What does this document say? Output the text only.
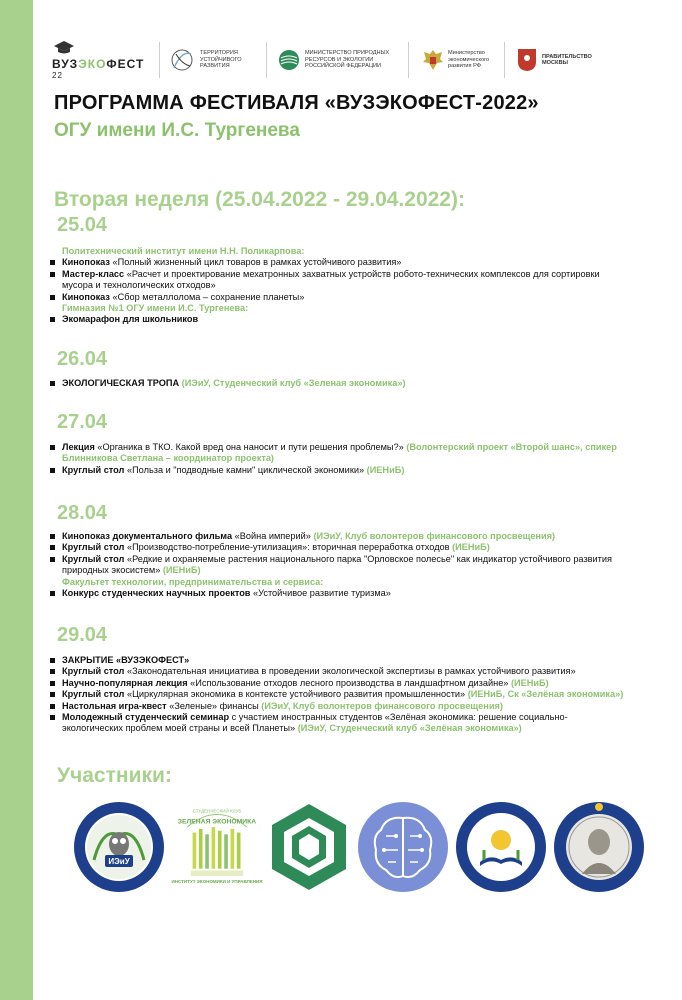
ВУЗЭКОФЕСТ $^{22}$
ТЕРРИТОРИЯ
УСТОЙЧИВОГО
РАЗВИТИЯ
МИНИСТЕРСТВО ПРИРОДНЫХ
РЕСУРСОВ И ЭКОЛОГИИ
РОССИЙСКОЙ ФЕДЕРАЦИИ
Министерство
экономического
развития РФ
ПРАВИТЕЛЬСТВО
МОСКВЫ
ПРОГРАММА ФЕСТИВАЛЯ «ВУЗЭКОФЕСТ-2022»
ОГУ имени И.С. Тургенева
Вторая неделя (25.04.2022 - 29.04.2022):
25.04
Политехнический институт имени Н.Н. Поликарпова:
Кинопоказ «Полный жизненный цикл товаров в рамках устойчивого развития»
Мастер-класс «Расчет и проектирование мехатронных захватных устройств робото-технических комплексов для сортировки мусора и технологических отходов»
Кинопоказ «Сбор металлолома – сохранение планеты»
Гимназия №1 ОГУ имени И.С. Тургенева:
Экомарафон для школьников
26.04
ЭКОЛОГИЧЕСКАЯ ТРОПА (ИЭиУ, Студенческий клуб «Зеленая экономика»)
27.04
Лекция «Органика в ТКО. Какой вред она наносит и пути решения проблемы?» (Волонтерский проект «Второй шанс», спикер Блинникова Светлана – координатор проекта)
Круглый стол «Польза и "подводные камни" циклической экономики» (ИЕНиБ)
28.04
Кинопоказ документального фильма «Война империй» (ИЭиУ, Клуб волонтеров финансового просвещения)
Круглый стол «Производство-потребление-утилизация»: вторичная переработка отходов (ИЕНиБ)
Круглый стол «Редкие и охраняемые растения национального парка "Орловское полесье" как индикатор устойчивого развития природных экосистем» (ИЕНиБ)
Факультет технологии, предпринимательства и сервиса:
Конкурс студенческих научных проектов «Устойчивое развитие туризма»
29.04
ЗАКРЫТИЕ «ВУЗЭКОФЕСТ»
Круглый стол «Законодательная инициатива в проведении экологической экспертизы в рамках устойчивого развития»
Научно-популярная лекция «Использование отходов лесного производства в ландшафтном дизайне» (ИЕНиБ)
Круглый стол «Циркулярная экономика в контексте устойчивого развития промышленности» (ИЕНиБ, Ск «Зелёная экономика»)
Настольная игра-квест «Зеленые» финансы (ИЭиУ, Клуб волонтеров финансового просвещения)
Молодежный студенческий семинар с участием иностранных студентов «Зелёная экономика: решение социально-экологических проблем моей страны и всей Планеты» (ИЭиУ, Студенческий клуб «Зелёная экономика»)
Участники:
ИЭиУ
СТУДЕНЧЕСКИЙ КЛУБ
ЗЕЛЕНАЯ ЭКОНОМИКА
ИНСТИТУТ ЭКОНОМИКИ И УПРАВЛЕНИЯ
